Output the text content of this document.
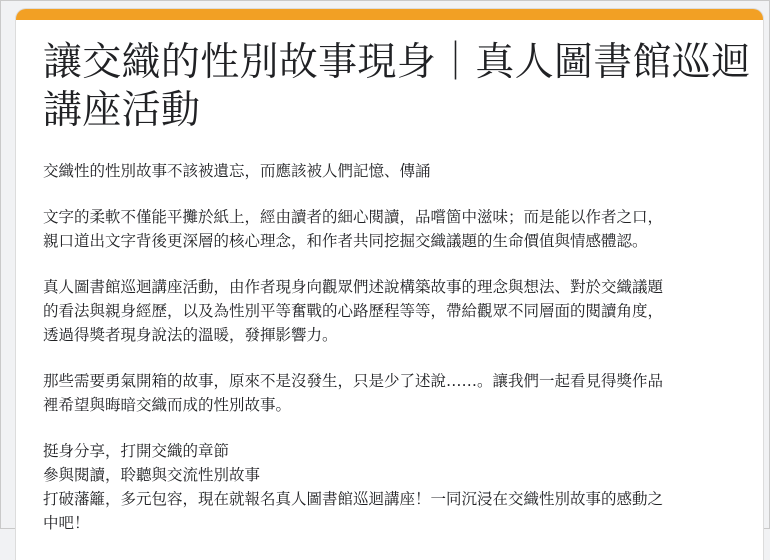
讓交織的性別故事現身｜真人圖書館巡迴
講座活動

交織性的性別故事不該被遺忘，而應該被人們記憶、傳誦

文字的柔軟不僅能平攤於紙上，經由讀者的細心閱讀，品嚐箇中滋味；而是能以作者之口，
親口道出文字背後更深層的核心理念，和作者共同挖掘交織議題的生命價值與情感體認。

真人圖書館巡迴講座活動，由作者現身向觀眾們述說構築故事的理念與想法、對於交織議題
的看法與親身經歷，以及為性別平等奮戰的心路歷程等等，帶給觀眾不同層面的閱讀角度，
透過得獎者現身說法的溫暖，發揮影響力。

那些需要勇氣開箱的故事，原來不是沒發生，只是少了述說……。讓我們一起看見得獎作品
裡希望與晦暗交織而成的性別故事。

挺身分享，打開交織的章節
參與閱讀，聆聽與交流性別故事
打破藩籬，多元包容，現在就報名真人圖書館巡迴講座！一同沉浸在交織性別故事的感動之
中吧！
